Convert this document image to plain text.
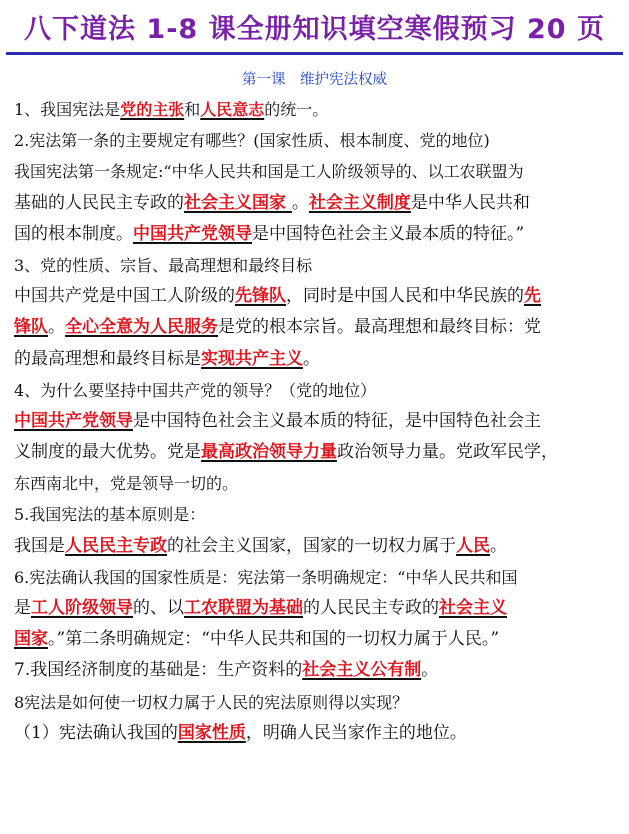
八下道法 1-8 课全册知识填空寒假预习 20 页
第一课　维护宪法权威
1、我国宪法是党的主张和人民意志的统一。
2.宪法第一条的主要规定有哪些？(国家性质、根本制度、党的地位)
我国宪法第一条规定:“中华人民共和国是工人阶级领导的、以工农联盟为
基础的人民民主专政的社会主义国家 。社会主义制度是中华人民共和
国的根本制度。中国共产党领导是中国特色社会主义最本质的特征。”
3、党的性质、宗旨、最高理想和最终目标
中国共产党是中国工人阶级的先锋队，同时是中国人民和中华民族的先
锋队。全心全意为人民服务是党的根本宗旨。最高理想和最终目标：党
的最高理想和最终目标是实现共产主义。
4、为什么要坚持中国共产党的领导？（党的地位）
中国共产党领导是中国特色社会主义最本质的特征，是中国特色社会主
义制度的最大优势。党是最高政治领导力量政治领导力量。党政军民学，
东西南北中，党是领导一切的。
5.我国宪法的基本原则是：
我国是人民民主专政的社会主义国家，国家的一切权力属于人民。
6.宪法确认我国的国家性质是：宪法第一条明确规定：“中华人民共和国
是工人阶级领导的、以工农联盟为基础的人民民主专政的社会主义
国家。”第二条明确规定：“中华人民共和国的一切权力属于人民。”
7.我国经济制度的基础是：生产资料的社会主义公有制。
8宪法是如何使一切权力属于人民的宪法原则得以实现？
（1）宪法确认我国的国家性质，明确人民当家作主的地位。
